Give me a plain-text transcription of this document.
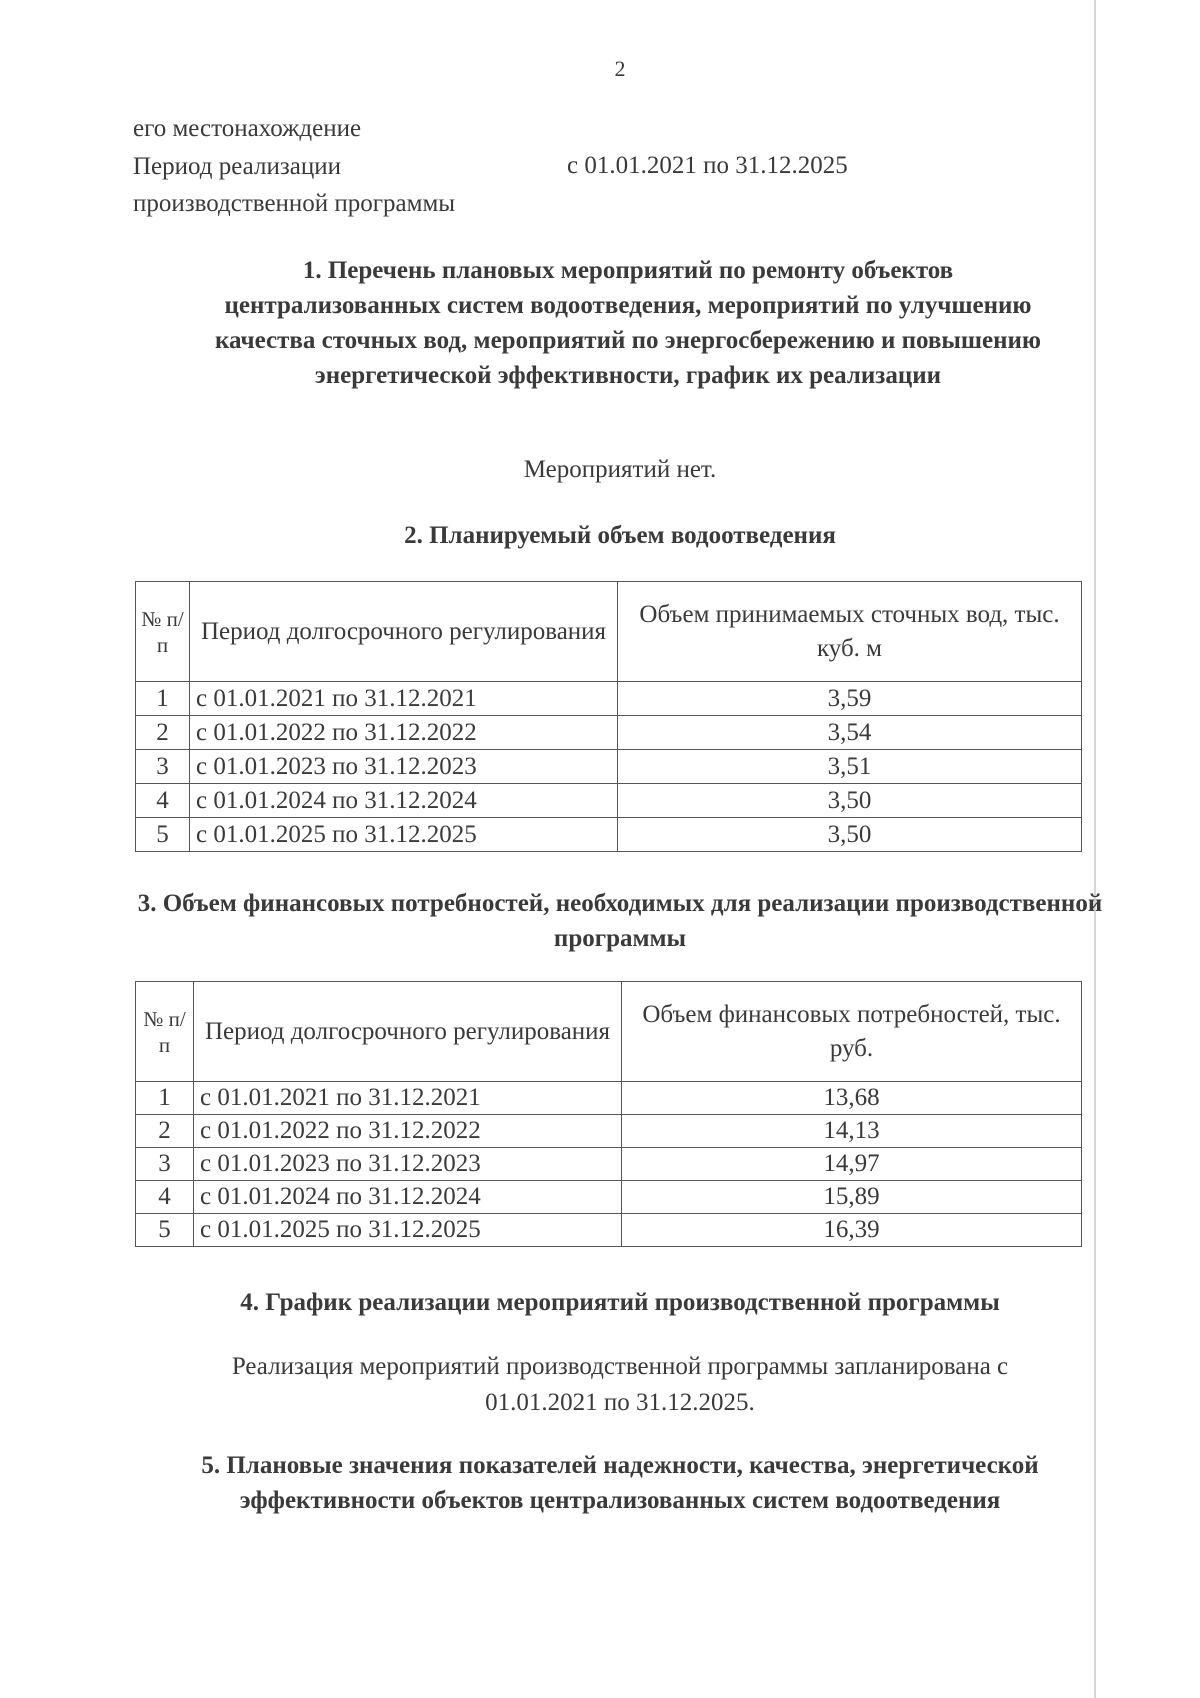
2
его местонахождение
Период реализации
производственной программы
с 01.01.2021 по 31.12.2025

1. Перечень плановых мероприятий по ремонту объектов централизованных систем водоотведения, мероприятий по улучшению качества сточных вод, мероприятий по энергосбережению и повышению энергетической эффективности, график их реализации

Мероприятий нет.

2. Планируемый объем водоотведения

№ п/п	Период долгосрочного регулирования	Объем принимаемых сточных вод, тыс. куб. м
1	с 01.01.2021 по 31.12.2021	3,59
2	с 01.01.2022 по 31.12.2022	3,54
3	с 01.01.2023 по 31.12.2023	3,51
4	с 01.01.2024 по 31.12.2024	3,50
5	с 01.01.2025 по 31.12.2025	3,50

3. Объем финансовых потребностей, необходимых для реализации производственной программы

№ п/ п	Период долгосрочного регулирования	Объем финансовых потребностей, тыс. руб.
1	с 01.01.2021 по 31.12.2021	13,68
2	с 01.01.2022 по 31.12.2022	14,13
3	с 01.01.2023 по 31.12.2023	14,97
4	с 01.01.2024 по 31.12.2024	15,89
5	с 01.01.2025 по 31.12.2025	16,39

4. График реализации мероприятий производственной программы

Реализация мероприятий производственной программы запланирована с 01.01.2021 по 31.12.2025.

5. Плановые значения показателей надежности, качества, энергетической эффективности объектов централизованных систем водоотведения
